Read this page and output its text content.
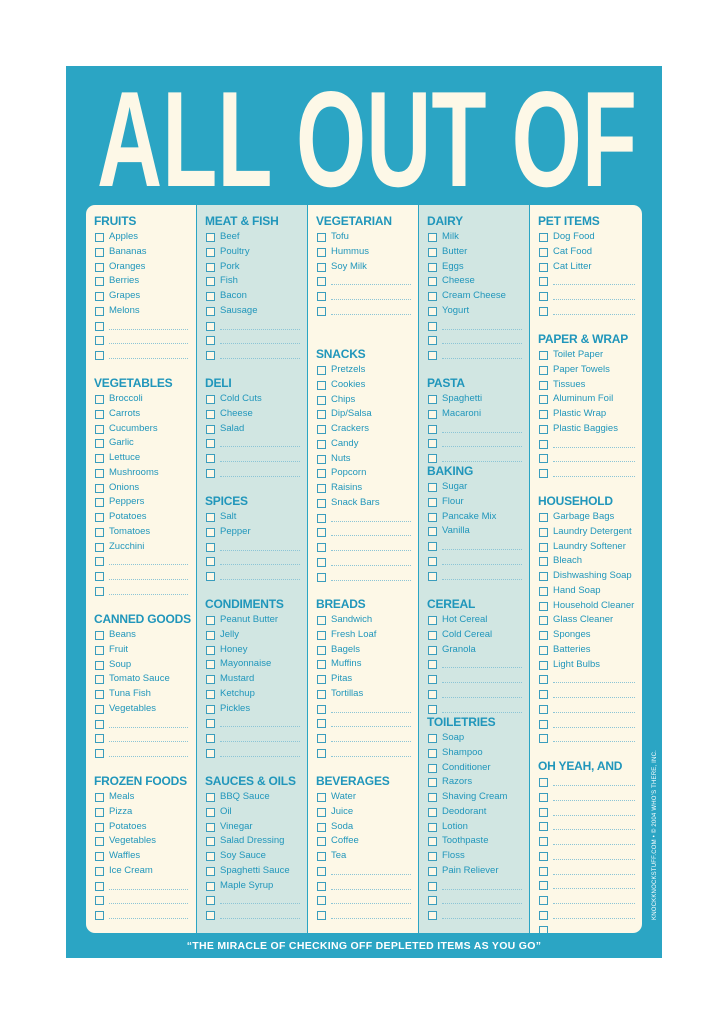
ALL OUT OF
FRUITS
Apples
Bananas
Oranges
Berries
Grapes
Melons
VEGETABLES
Broccoli
Carrots
Cucumbers
Garlic
Lettuce
Mushrooms
Onions
Peppers
Potatoes
Tomatoes
Zucchini
CANNED GOODS
Beans
Fruit
Soup
Tomato Sauce
Tuna Fish
Vegetables
FROZEN FOODS
Meals
Pizza
Potatoes
Vegetables
Waffles
Ice Cream
MEAT & FISH
Beef
Poultry
Pork
Fish
Bacon
Sausage
DELI
Cold Cuts
Cheese
Salad
SPICES
Salt
Pepper
CONDIMENTS
Peanut Butter
Jelly
Honey
Mayonnaise
Mustard
Ketchup
Pickles
SAUCES & OILS
BBQ Sauce
Oil
Vinegar
Salad Dressing
Soy Sauce
Spaghetti Sauce
Maple Syrup
VEGETARIAN
Tofu
Hummus
Soy Milk
SNACKS
Pretzels
Cookies
Chips
Dip/Salsa
Crackers
Candy
Nuts
Popcorn
Raisins
Snack Bars
BREADS
Sandwich
Fresh Loaf
Bagels
Muffins
Pitas
Tortillas
BEVERAGES
Water
Juice
Soda
Coffee
Tea
DAIRY
Milk
Butter
Eggs
Cheese
Cream Cheese
Yogurt
PASTA
Spaghetti
Macaroni
BAKING
Sugar
Flour
Pancake Mix
Vanilla
CEREAL
Hot Cereal
Cold Cereal
Granola
TOILETRIES
Soap
Shampoo
Conditioner
Razors
Shaving Cream
Deodorant
Lotion
Toothpaste
Floss
Pain Reliever
PET ITEMS
Dog Food
Cat Food
Cat Litter
PAPER & WRAP
Toilet Paper
Paper Towels
Tissues
Aluminum Foil
Plastic Wrap
Plastic Baggies
HOUSEHOLD
Garbage Bags
Laundry Detergent
Laundry Softener
Bleach
Dishwashing Soap
Hand Soap
Household Cleaner
Glass Cleaner
Sponges
Batteries
Light Bulbs
OH YEAH, AND
“THE MIRACLE OF CHECKING OFF DEPLETED ITEMS AS YOU GO”
KNOCKKNOCKSTUFF.COM • © 2004 WHO’S THERE, INC.
